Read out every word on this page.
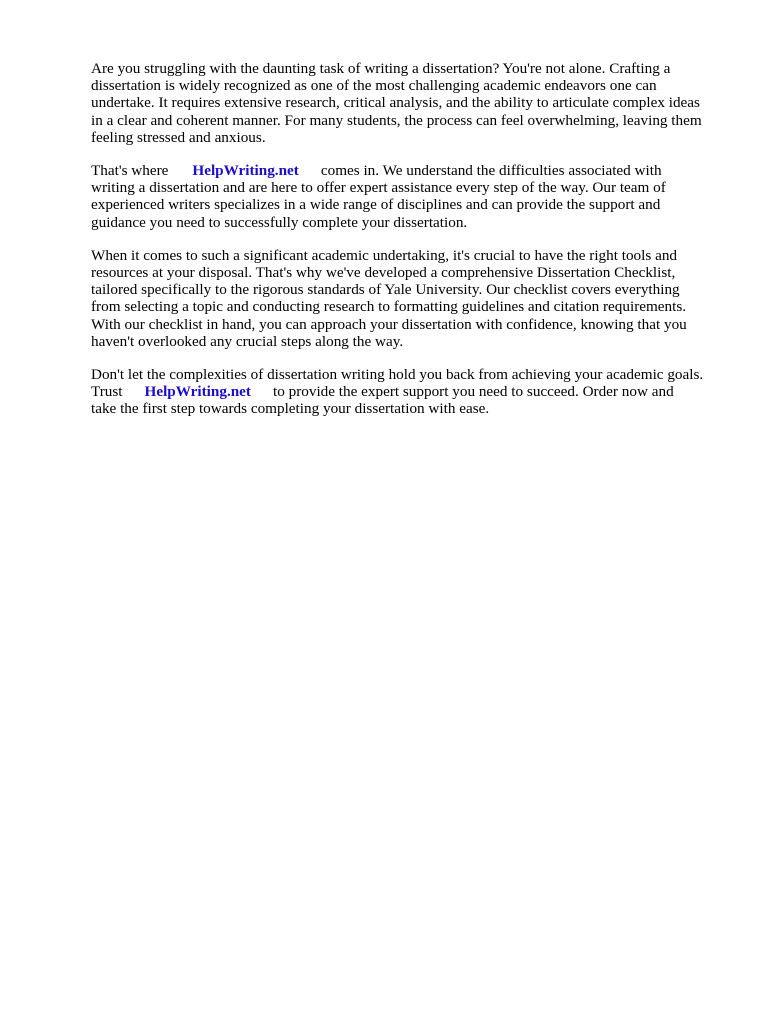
Are you struggling with the daunting task of writing a dissertation? You're not alone. Crafting a
dissertation is widely recognized as one of the most challenging academic endeavors one can
undertake. It requires extensive research, critical analysis, and the ability to articulate complex ideas
in a clear and coherent manner. For many students, the process can feel overwhelming, leaving them
feeling stressed and anxious.

That's where HelpWriting.net comes in. We understand the difficulties associated with
writing a dissertation and are here to offer expert assistance every step of the way. Our team of
experienced writers specializes in a wide range of disciplines and can provide the support and
guidance you need to successfully complete your dissertation.

When it comes to such a significant academic undertaking, it's crucial to have the right tools and
resources at your disposal. That's why we've developed a comprehensive Dissertation Checklist,
tailored specifically to the rigorous standards of Yale University. Our checklist covers everything
from selecting a topic and conducting research to formatting guidelines and citation requirements.
With our checklist in hand, you can approach your dissertation with confidence, knowing that you
haven't overlooked any crucial steps along the way.

Don't let the complexities of dissertation writing hold you back from achieving your academic goals.
Trust HelpWriting.net to provide the expert support you need to succeed. Order now and
take the first step towards completing your dissertation with ease.
